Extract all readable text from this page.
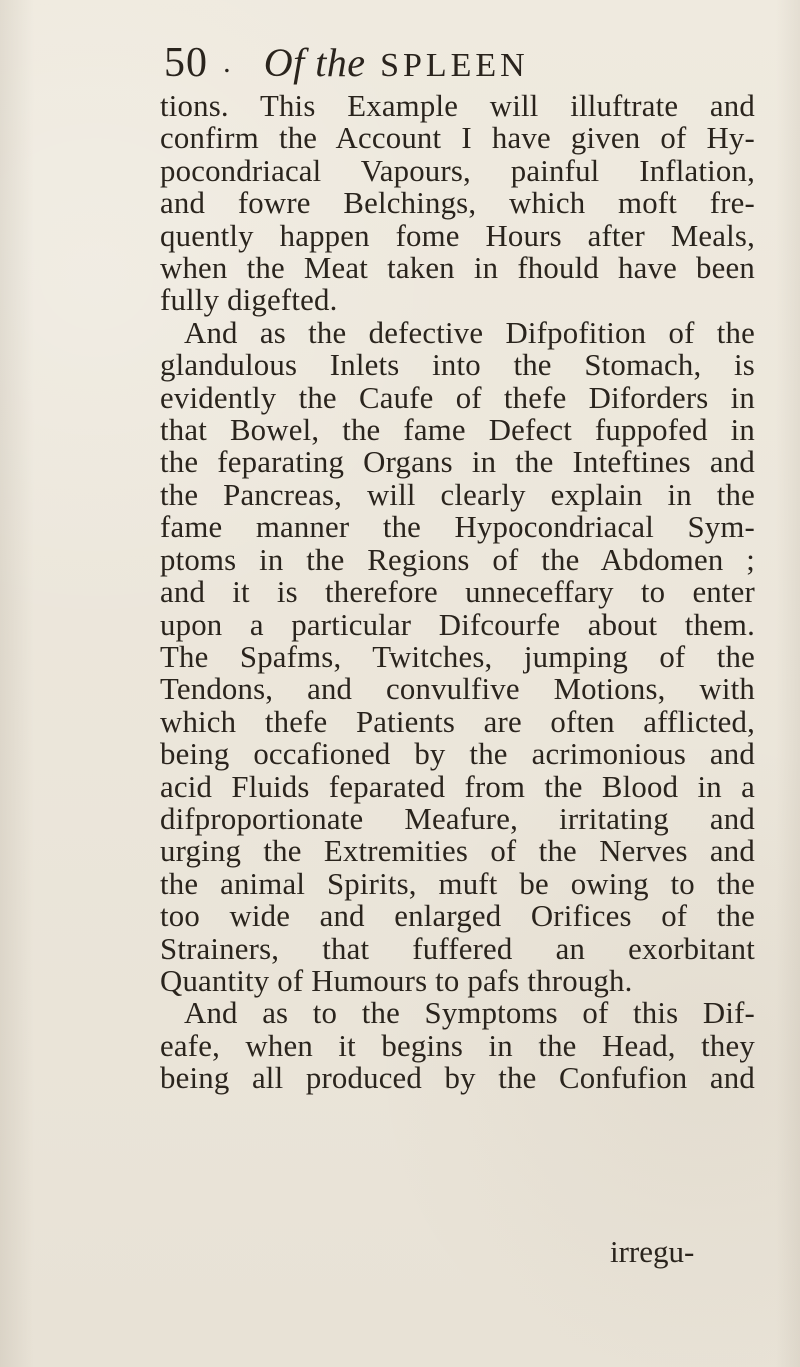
50 . Of the SPLEEN
tions. This Example will illuftrate and
confirm the Account I have given of Hy-
pocondriacal Vapours, painful Inflation,
and fowre Belchings, which moft fre-
quently happen fome Hours after Meals,
when the Meat taken in fhould have been
fully digefted.
And as the defective Difpofition of the
glandulous Inlets into the Stomach, is
evidently the Caufe of thefe Diforders in
that Bowel, the fame Defect fuppofed in
the feparating Organs in the Inteftines and
the Pancreas, will clearly explain in the
fame manner the Hypocondriacal Sym-
ptoms in the Regions of the Abdomen ;
and it is therefore unneceffary to enter
upon a particular Difcourfe about them.
The Spafms, Twitches, jumping of the
Tendons, and convulfive Motions, with
which thefe Patients are often afflicted,
being occafioned by the acrimonious and
acid Fluids feparated from the Blood in a
difproportionate Meafure, irritating and
urging the Extremities of the Nerves and
the animal Spirits, muft be owing to the
too wide and enlarged Orifices of the
Strainers, that fuffered an exorbitant
Quantity of Humours to pafs through.
And as to the Symptoms of this Dif-
eafe, when it begins in the Head, they
being all produced by the Confufion and
irregu-
